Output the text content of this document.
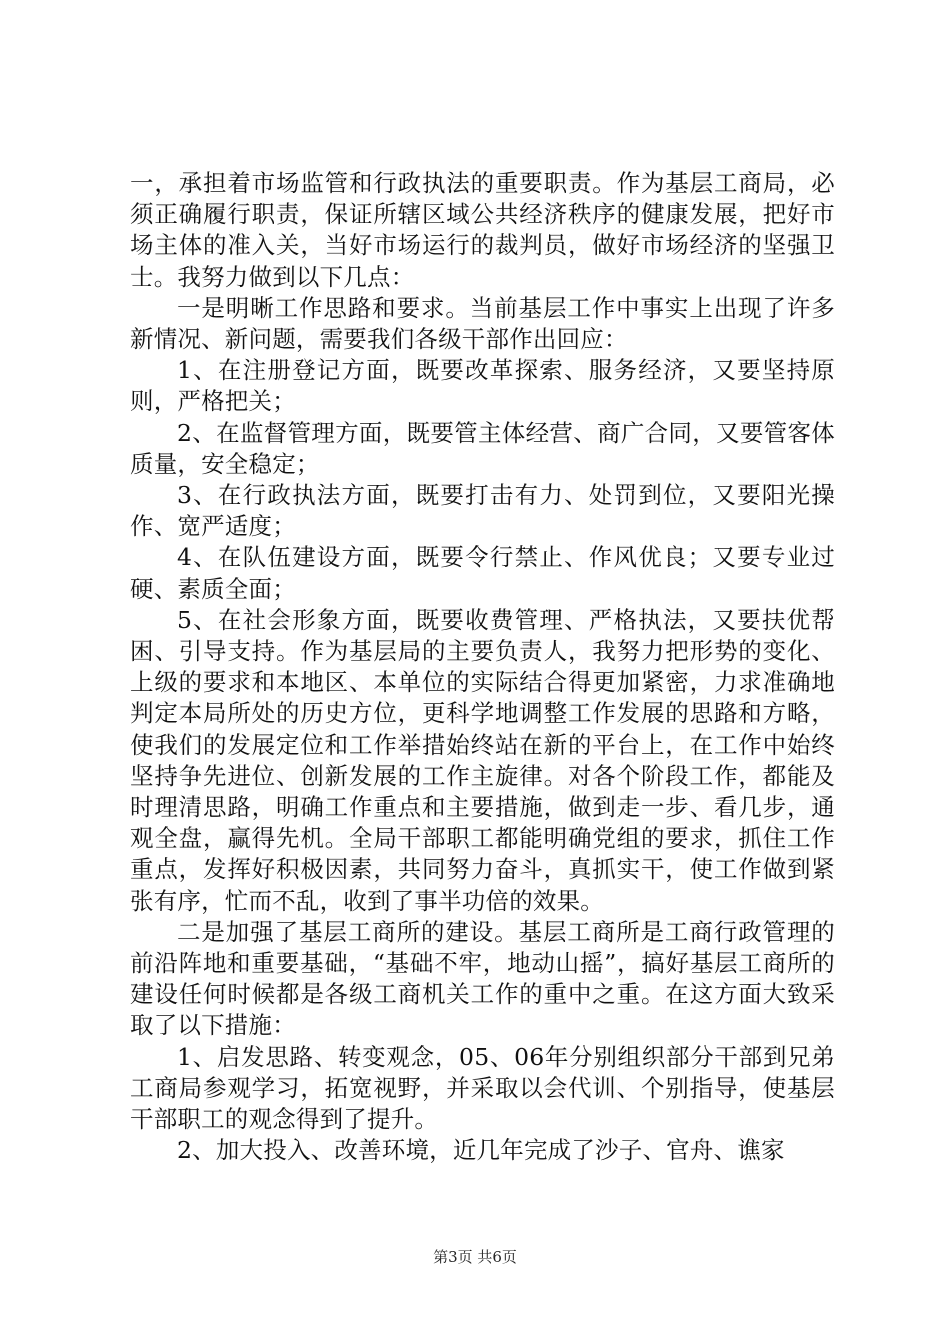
一，承担着市场监管和行政执法的重要职责。作为基层工商局，必须正确履行职责，保证所辖区域公共经济秩序的健康发展，把好市场主体的准入关，当好市场运行的裁判员，做好市场经济的坚强卫士。我努力做到以下几点：

一是明晰工作思路和要求。当前基层工作中事实上出现了许多新情况、新问题，需要我们各级干部作出回应：

1、在注册登记方面，既要改革探索、服务经济，又要坚持原则，严格把关；

2、在监督管理方面，既要管主体经营、商广合同，又要管客体质量，安全稳定；

3、在行政执法方面，既要打击有力、处罚到位，又要阳光操作、宽严适度；

4、在队伍建设方面，既要令行禁止、作风优良；又要专业过硬、素质全面；

5、在社会形象方面，既要收费管理、严格执法，又要扶优帮困、引导支持。作为基层局的主要负责人，我努力把形势的变化、上级的要求和本地区、本单位的实际结合得更加紧密，力求准确地判定本局所处的历史方位，更科学地调整工作发展的思路和方略，使我们的发展定位和工作举措始终站在新的平台上，在工作中始终坚持争先进位、创新发展的工作主旋律。对各个阶段工作，都能及时理清思路，明确工作重点和主要措施，做到走一步、看几步，通观全盘，赢得先机。全局干部职工都能明确党组的要求，抓住工作重点，发挥好积极因素，共同努力奋斗，真抓实干，使工作做到紧张有序，忙而不乱，收到了事半功倍的效果。

二是加强了基层工商所的建设。基层工商所是工商行政管理的前沿阵地和重要基础，“基础不牢，地动山摇”，搞好基层工商所的建设任何时候都是各级工商机关工作的重中之重。在这方面大致采取了以下措施：

1、启发思路、转变观念，05、06年分别组织部分干部到兄弟工商局参观学习，拓宽视野，并采取以会代训、个别指导，使基层干部职工的观念得到了提升。

2、加大投入、改善环境，近几年完成了沙子、官舟、谯家

第3页 共6页
